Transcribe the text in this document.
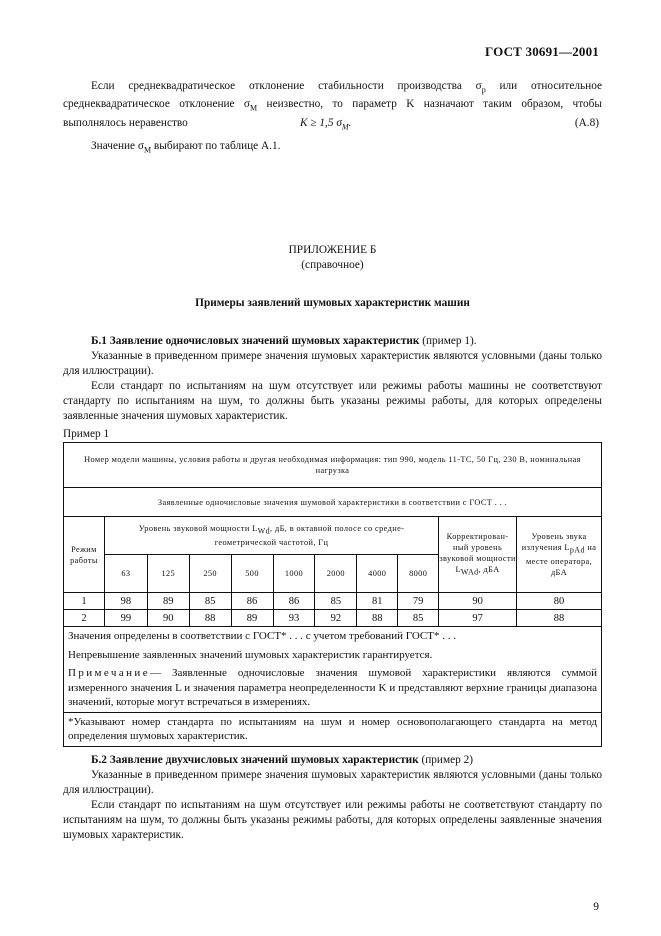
ГОСТ 30691—2001
Если среднеквадратическое отклонение стабильности производства $\sigma_р$ или относительное среднеквадратическое отклонение $\sigma_М$ неизвестно, то параметр K назначают таким образом, чтобы выполнялось неравенство	K ≥ 1,5 $\sigma_M$.	(A.8)
Значение $\sigma_M$ выбирают по таблице A.1.
ПРИЛОЖЕНИЕ Б
(справочное)
Примеры заявлений шумовых характеристик машин
Б.1 Заявление одночисловых значений шумовых характеристик (пример 1).
Указанные в приведенном примере значения шумовых характеристик являются условными (даны только для иллюстрации).
Если стандарт по испытаниям на шум отсутствует или режимы работы машины не соответствуют стандарту по испытаниям на шум, то должны быть указаны режимы работы, для которых определены заявленные значения шумовых характеристик.
Пример 1
Номер модели машины, условия работы и другая необходимая информация: тип 990, модель 11-ТС, 50 Гц, 230 В, номинальная нагрузка										
Заявленные одночисловые значения шумовой характеристики в соответствии с ГОСТ . . .										
Режим работы	Уровень звуковой мощности LWd, дБ, в октавной полосе со средне-геометрической частотой, Гц								Корректирован-ный уровень звуковой мощности LWAd, дБA	Уровень звука излучения LpAd на месте оператора, дБA
	63	125	250	500	1000	2000	4000	8000		
1	98	89	85	86	86	85	81	79	90	80
2	99	90	88	89	93	92	88	85	97	88

Значения определены в соответствии с ГОСТ* . . . с учетом требований ГОСТ* . . .
Непревышение заявленных значений шумовых характеристик гарантируется.
Примечание— Заявленные одночисловые значения шумовой характеристики являются суммой измеренного значения L и значения параметра неопределенности K и представляют верхние границы диапазона значений, которые могут встречаться в измерениях.										

*Указывают номер стандарта по испытаниям на шум и номер основополагающего стандарта на метод определения шумовых характеристик.										
Б.2 Заявление двухчисловых значений шумовых характеристик (пример 2)
Указанные в приведенном примере значения шумовых характеристик являются условными (даны только для иллюстрации).
Если стандарт по испытаниям на шум отсутствует или режимы работы не соответствуют стандарту по испытаниям на шум, то должны быть указаны режимы работы, для которых определены заявленные значения шумовых характеристик.
9
